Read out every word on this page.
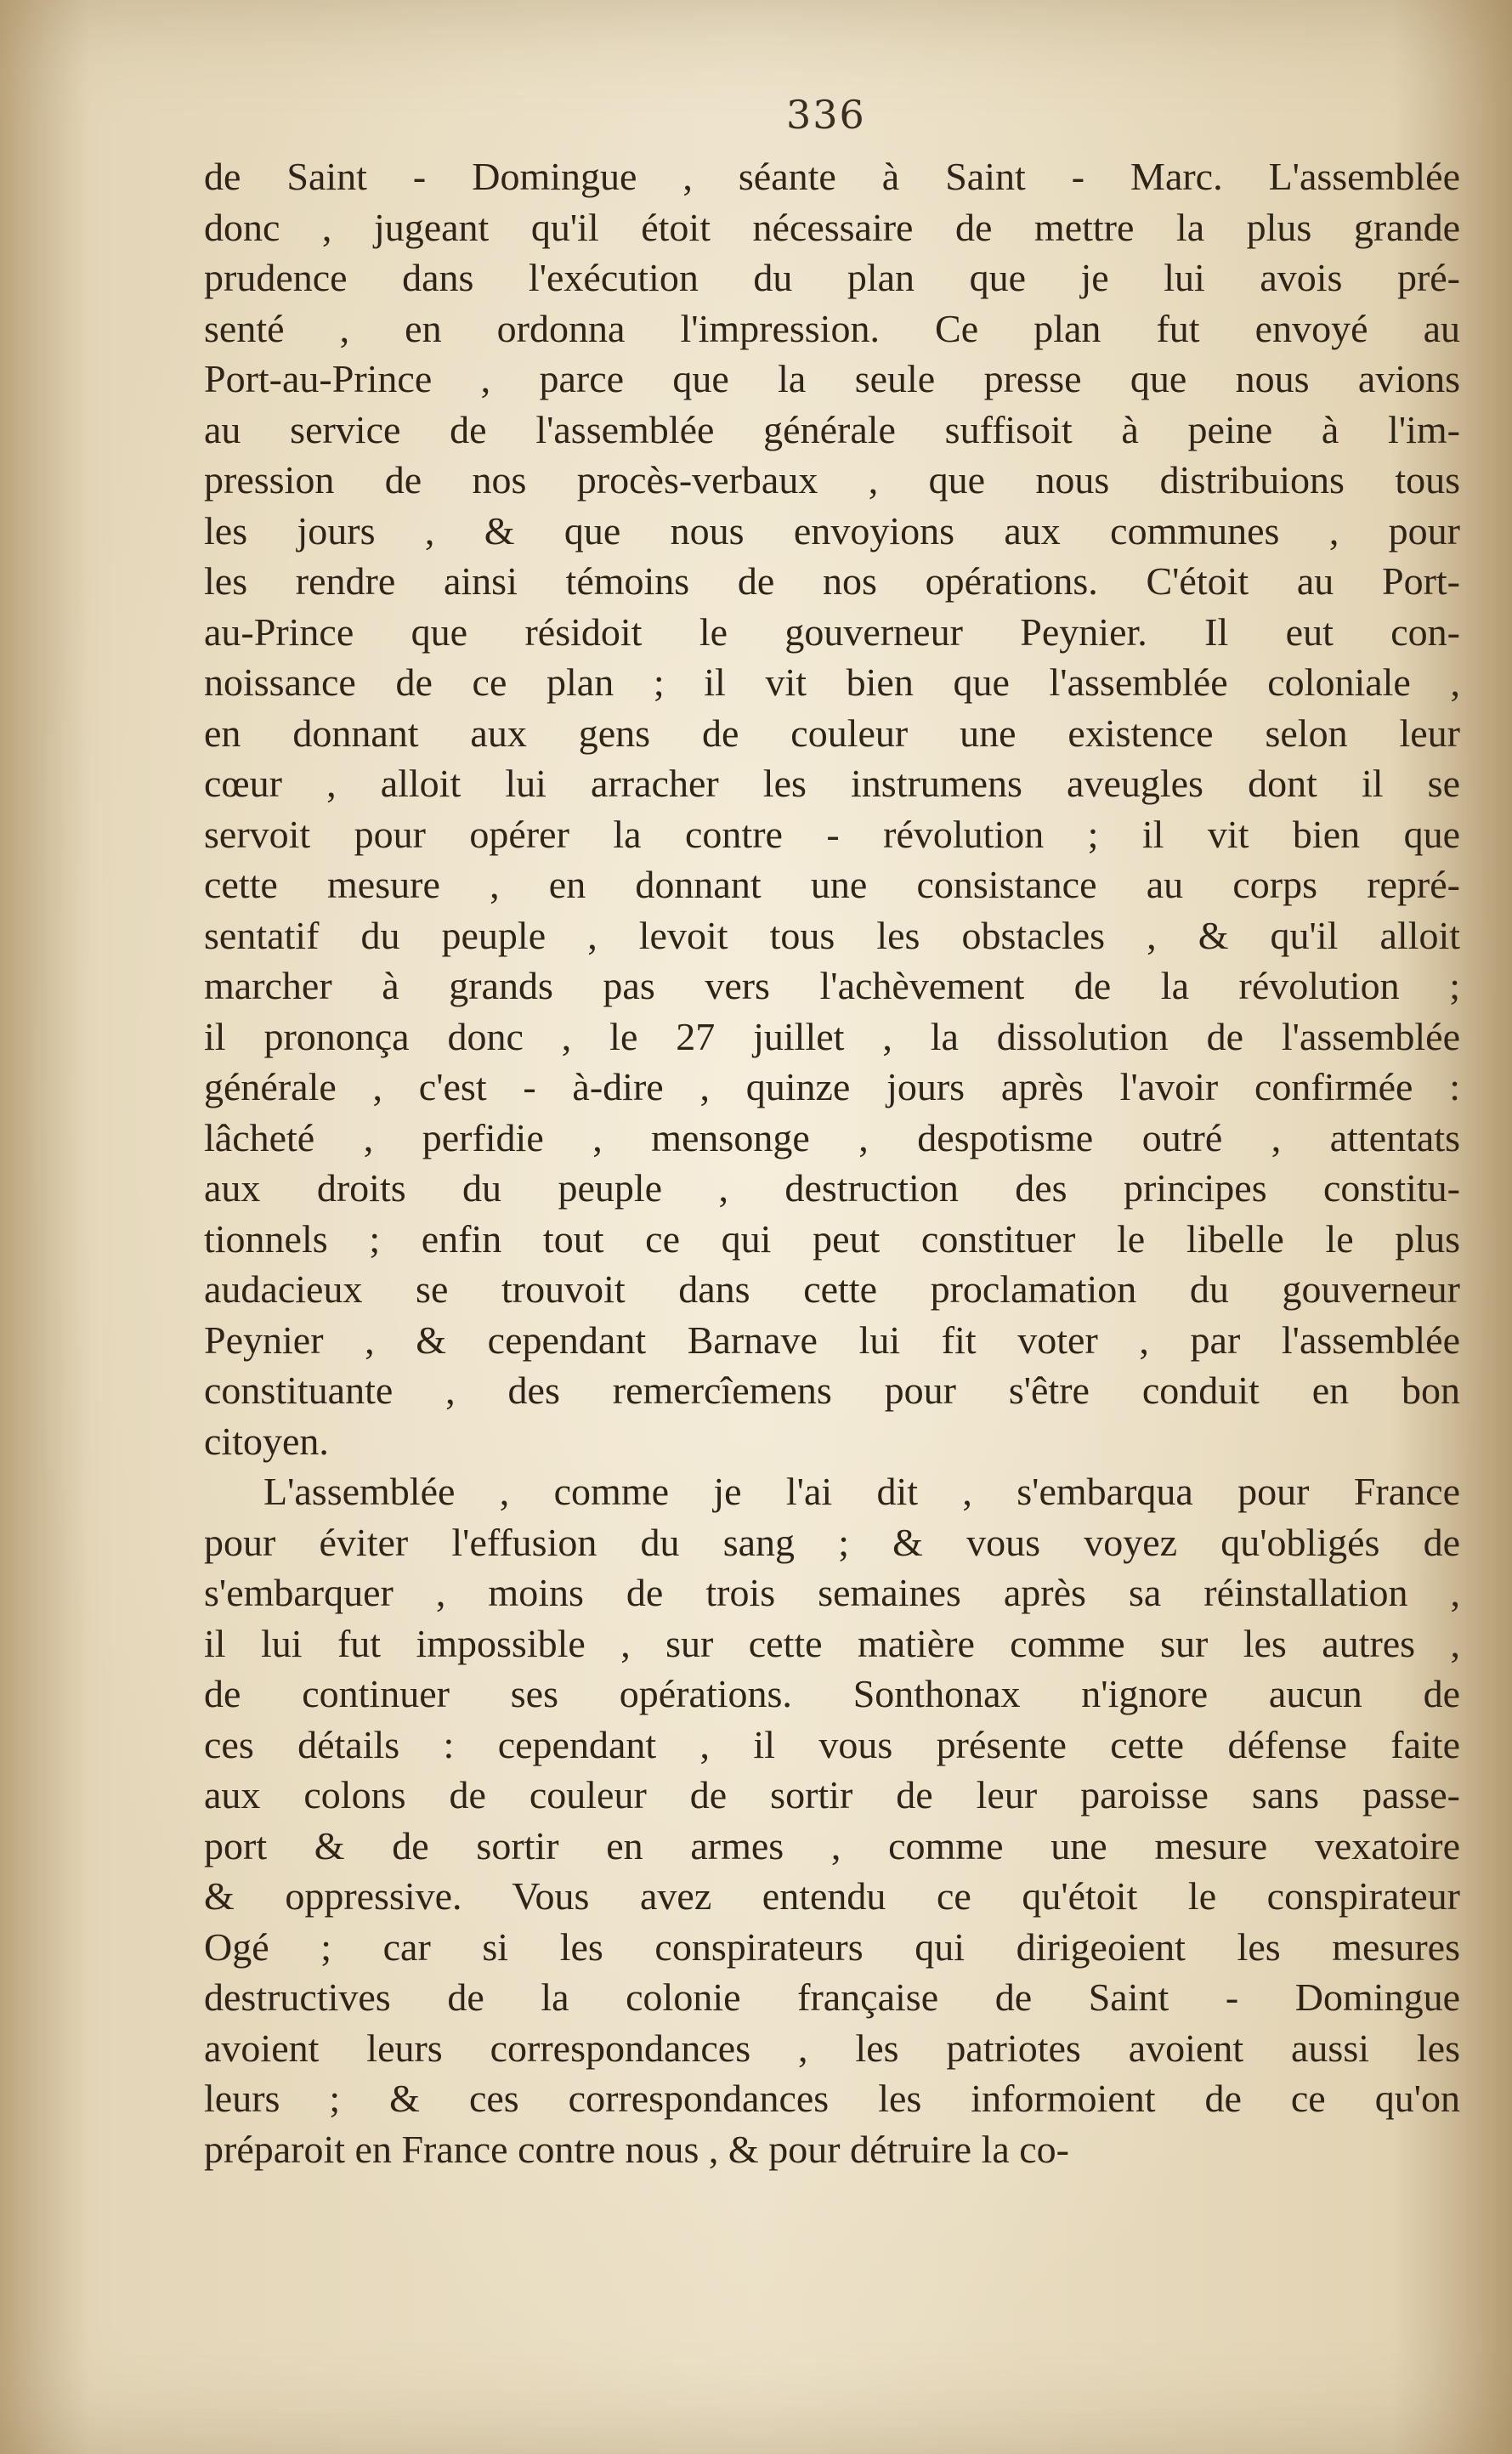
336
de Saint - Domingue , séante à Saint - Marc. L'assemblée
donc , jugeant qu'il étoit nécessaire de mettre la plus grande
prudence dans l'exécution du plan que je lui avois pré-
senté , en ordonna l'impression. Ce plan fut envoyé au
Port-au-Prince , parce que la seule presse que nous avions
au service de l'assemblée générale suffisoit à peine à l'im-
pression de nos procès-verbaux , que nous distribuions tous
les jours , & que nous envoyions aux communes , pour
les rendre ainsi témoins de nos opérations. C'étoit au Port-
au-Prince que résidoit le gouverneur Peynier. Il eut con-
noissance de ce plan ; il vit bien que l'assemblée coloniale ,
en donnant aux gens de couleur une existence selon leur
cœur , alloit lui arracher les instrumens aveugles dont il se
servoit pour opérer la contre - révolution ; il vit bien que
cette mesure , en donnant une consistance au corps repré-
sentatif du peuple , levoit tous les obstacles , & qu'il alloit
marcher à grands pas vers l'achèvement de la révolution ;
il prononça donc , le 27 juillet , la dissolution de l'assemblée
générale , c'est - à-dire , quinze jours après l'avoir confirmée :
lâcheté , perfidie , mensonge , despotisme outré , attentats
aux droits du peuple , destruction des principes constitu-
tionnels ; enfin tout ce qui peut constituer le libelle le plus
audacieux se trouvoit dans cette proclamation du gouverneur
Peynier , & cependant Barnave lui fit voter , par l'assemblée
constituante , des remercîemens pour s'être conduit en bon
citoyen.
L'assemblée , comme je l'ai dit , s'embarqua pour France
pour éviter l'effusion du sang ; & vous voyez qu'obligés de
s'embarquer , moins de trois semaines après sa réinstallation ,
il lui fut impossible , sur cette matière comme sur les autres ,
de continuer ses opérations. Sonthonax n'ignore aucun de
ces détails : cependant , il vous présente cette défense faite
aux colons de couleur de sortir de leur paroisse sans passe-
port & de sortir en armes , comme une mesure vexatoire
& oppressive. Vous avez entendu ce qu'étoit le conspirateur
Ogé ; car si les conspirateurs qui dirigeoient les mesures
destructives de la colonie française de Saint - Domingue
avoient leurs correspondances , les patriotes avoient aussi les
leurs ; & ces correspondances les informoient de ce qu'on
préparoit en France contre nous , & pour détruire la co-
